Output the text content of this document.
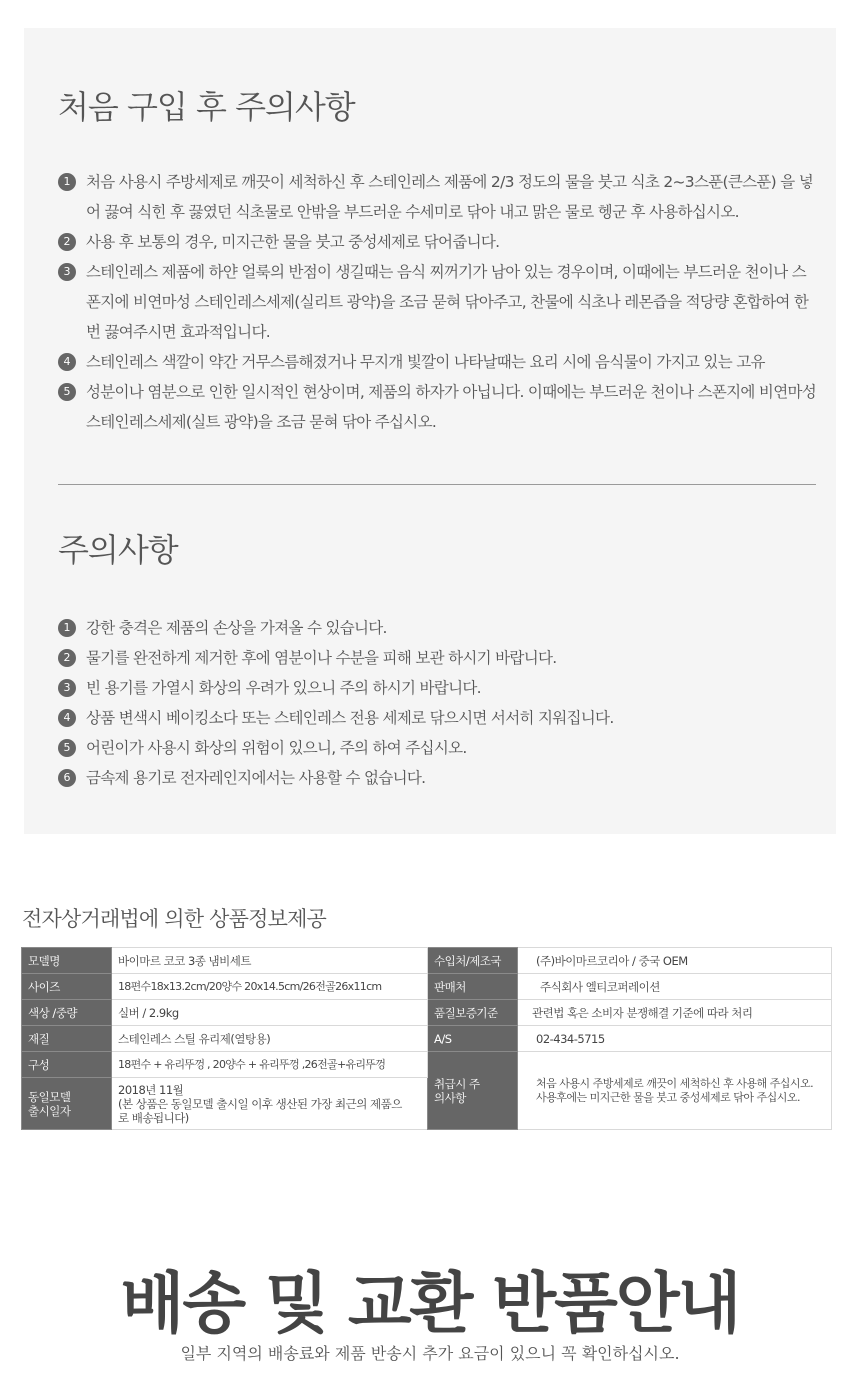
처음 구입 후 주의사항
1	처음 사용시 주방세제로 깨끗이 세척하신 후 스테인레스 제품에 2/3 정도의 물을 붓고 식초 2~3스푼(큰스푼) 을 넣어 끓여 식힌 후 끓였던 식초물로 안밖을 부드러운 수세미로 닦아 내고 맑은 물로 헹군 후 사용하십시오.
2	사용 후 보통의 경우, 미지근한 물을 붓고 중성세제로 닦어줍니다.
3	스테인레스 제품에 하얀 얼룩의 반점이 생길때는 음식 찌꺼기가 남아 있는 경우이며, 이때에는 부드러운 천이나 스폰지에 비연마성 스테인레스세제(실리트 광약)을 조금 묻혀 닦아주고, 찬물에 식초나 레몬즙을 적당량 혼합하여 한번 끓여주시면 효과적입니다.
4	스테인레스 색깔이 약간 거무스름해졌거나 무지개 빛깔이 나타날때는 요리 시에 음식물이 가지고 있는 고유
5	성분이나 염분으로 인한 일시적인 현상이며, 제품의 하자가 아닙니다. 이때에는 부드러운 천이나 스폰지에 비연마성 스테인레스세제(실트 광약)을 조금 묻혀 닦아 주십시오.
주의사항
1	강한 충격은 제품의 손상을 가져올 수 있습니다.
2	물기를 완전하게 제거한 후에 염분이나 수분을 피해 보관 하시기 바랍니다.
3	빈 용기를 가열시 화상의 우려가 있으니 주의 하시기 바랍니다.
4	상품 변색시 베이킹소다 또는 스테인레스 전용 세제로 닦으시면 서서히 지워집니다.
5	어린이가 사용시 화상의 위험이 있으니, 주의 하여 주십시오.
6	금속제 용기로 전자레인지에서는 사용할 수 없습니다.
전자상거래법에 의한 상품정보제공
모델명	바이마르 코코 3종 냄비세트	수입처/제조국	(주)바이마르코리아 / 중국 OEM
사이즈	18편수18x13.2cm/20양수 20x14.5cm/26전골26x11cm	판매처	주식회사 엘티코퍼레이션
색상 /중량	실버 / 2.9kg	품질보증기준	관련법 혹은 소비자 분쟁해결 기준에 따라 처리
재질	스테인레스 스틸 유리제(열탕용)	A/S	02-434-5715
구성	18편수 + 유리뚜껑 , 20양수 + 유리뚜껑 ,26전골+유리뚜껑	취급시 주의사항	처음 사용시 주방세제로 깨끗이 세척하신 후 사용해 주십시오. 사용후에는 미지근한 물을 붓고 중성세제로 닦아 주십시오.

동일모델 출시일자	2018년 11월
(본 상품은 동일모델 출시일 이후 생산된 가장 최근의 제품으로 배송됩니다)		
배송 및 교환 반품안내
일부 지역의 배송료와 제품 반송시 추가 요금이 있으니 꼭 확인하십시오.
